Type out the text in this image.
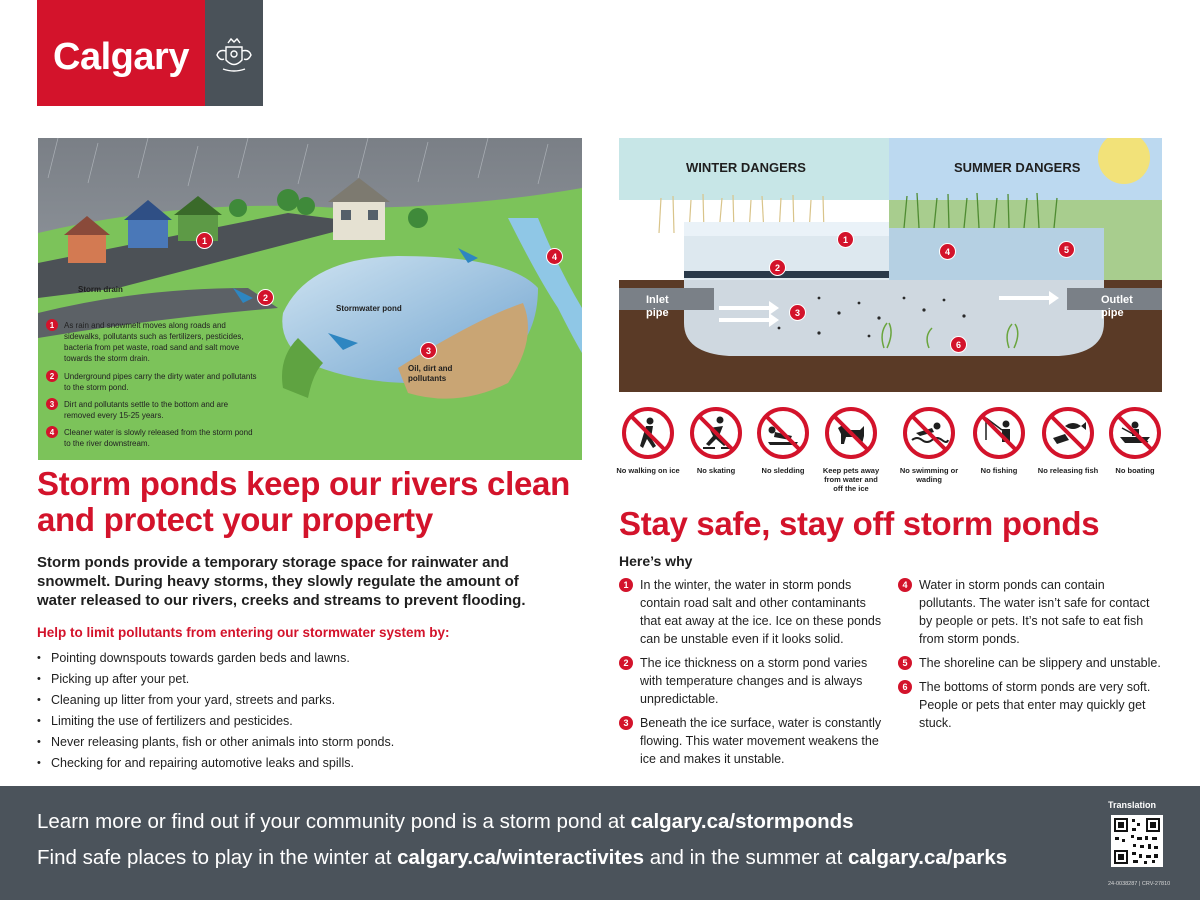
Calgary
Storm drain
Stormwater pond
Oil, dirt and pollutants
1
2
3
4
1	As rain and snowmelt moves along roads and sidewalks, pollutants such as fertilizers, pesticides, bacteria from pet waste, road sand and salt move towards the storm drain.
2	Underground pipes carry the dirty water and pollutants to the storm pond.
3	Dirt and pollutants settle to the bottom and are removed every 15-25 years.
4	Cleaner water is slowly released from the storm pond to the river downstream.
WINTER DANGERS	SUMMER DANGERS
Inlet pipe
Outlet pipe
1
2
3
4	5
6
No walking on ice	No skating	No sledding	Keep pets away from water and off the ice
No swimming or wading
No fishing	No releasing fish	No boating
Storm ponds keep our rivers clean and protect your property

Storm ponds provide a temporary storage space for rainwater and snowmelt. During heavy storms, they slowly regulate the amount of water released to our rivers, creeks and streams to prevent flooding.

Help to limit pollutants from entering our stormwater system by:
• Pointing downspouts towards garden beds and lawns.
• Picking up after your pet.
• Cleaning up litter from your yard, streets and parks.
• Limiting the use of fertilizers and pesticides.
• Never releasing plants, fish or other animals into storm ponds.
• Checking for and repairing automotive leaks and spills.
Stay safe, stay off storm ponds
Here’s why
1 In the winter, the water in storm ponds contain road salt and other contaminants that eat away at the ice. Ice on these ponds can be unstable even if it looks solid.
2 The ice thickness on a storm pond varies with temperature changes and is always unpredictable.
3 Beneath the ice surface, water is constantly flowing. This water movement weakens the ice and makes it unstable.
4 Water in storm ponds can contain pollutants. The water isn’t safe for contact by people or pets. It’s not safe to eat fish from storm ponds.
5 The shoreline can be slippery and unstable.
6 The bottoms of storm ponds are very soft. People or pets that enter may quickly get stuck.
Learn more or find out if your community pond is a storm pond at calgary.ca/stormponds
Find safe places to play in the winter at calgary.ca/winteractivites and in the summer at calgary.ca/parks
Translation
24-0038287 | CRV-27810
